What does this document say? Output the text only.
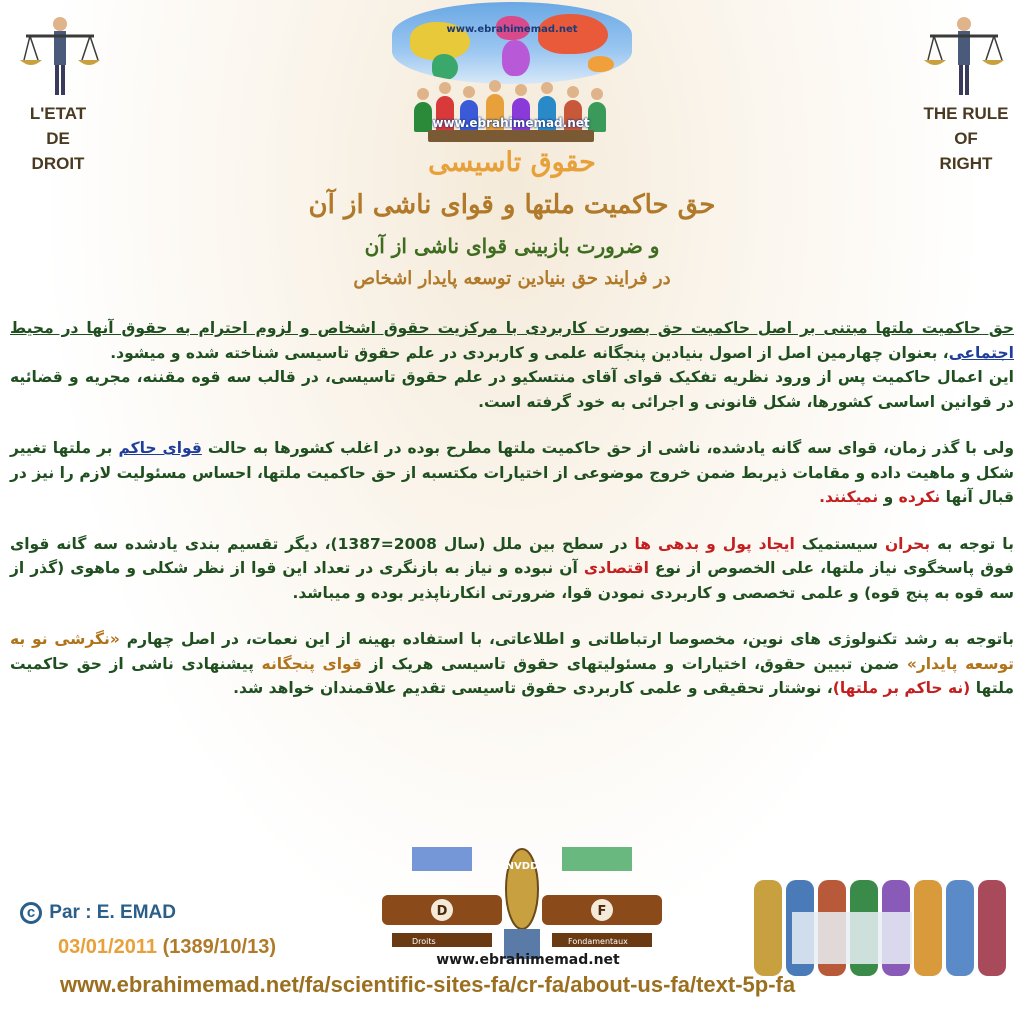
www.ebrahimemad.net
www.ebrahimemad.net
L'ETAT
DE
DROIT
THE RULE
OF
RIGHT
حقوق تاسیسی
حق حاکمیت ملتها و قوای ناشی از آن
و ضرورت بازبینی قوای ناشی از آن
در فرایند حق بنیادین توسعه پایدار اشخاص

حق حاکمیت ملتها مبتنی بر اصل حاکمیت حق بصورت کاربردی با مرکزیت حقوق اشخاص و لزوم احترام به حقوق آنها در محیط اجتماعی، بعنوان چهارمین اصل از اصول بنیادین پنجگانه علمی و کاربردی در علم حقوق تاسیسی شناخته شده و میشود.
این اعمال حاکمیت پس از ورود نظریه تفکیک قوای آقای منتسکیو در علم حقوق تاسیسی، در قالب سه قوه مقننه، مجریه و قضائیه در قوانین اساسی کشورها، شکل قانونی و اجرائی به خود گرفته است.

ولی با گذر زمان، قوای سه گانه یادشده، ناشی از حق حاکمیت ملتها مطرح بوده در اغلب کشورها به حالت قوای حاکم بر ملتها تغییر شکل و ماهیت داده و مقامات ذیربط ضمن خروج موضوعی از اختیارات مکتسبه از حق حاکمیت ملتها، احساس مسئولیت لازم را نیز در قبال آنها نکرده و نمیکنند.

با توجه به بحران سیستمیک ایجاد پول و بدهی ها در سطح بین ملل (سال 2008=1387)، دیگر تقسیم بندی یادشده سه گانه قوای فوق پاسخگوی نیاز ملتها، علی الخصوص از نوع اقتصادی آن نبوده و نیاز به بازنگری در تعداد این قوا از نظر شکلی و ماهوی (گذر از سه قوه به پنج قوه) و علمی تخصصی و کاربردی نمودن قوا، ضرورتی انکارناپذیر بوده و میباشد.

باتوجه به رشد تکنولوژی های نوین، مخصوصا ارتباطاتی و اطلاعاتی، با استفاده بهینه از این نعمات، در اصل چهارم «نگرشی نو به توسعه پایدار» ضمن تبیین حقوق، اختیارات و مسئولیتهای حقوق تاسیسی هریک از قوای پنجگانه پیشنهادی ناشی از حق حاکمیت ملتها (نه حاکم بر ملتها)، نوشتار تحقیقی و علمی کاربردی حقوق تاسیسی تقدیم علاقمندان خواهد شد.

NVDD
D	F
Droits	Fondamentaux
www.ebrahimemad.net
c Par : E. EMAD
03/01/2011 (1389/10/13)
www.ebrahimemad.net/fa/scientific-sites-fa/cr-fa/about-us-fa/text-5p-fa
